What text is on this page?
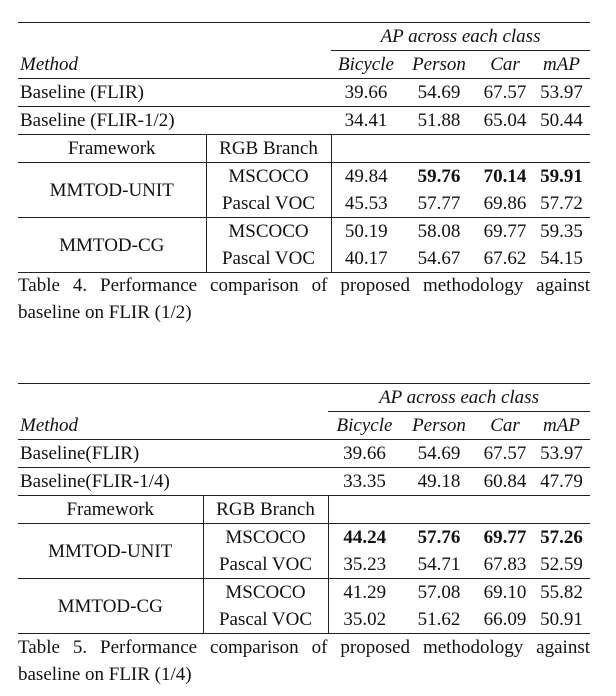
		AP across each class			
Method		Bicycle	Person	Car	mAP
Baseline (FLIR)		39.66	54.69	67.57	53.97
Baseline (FLIR-1/2)		34.41	51.88	65.04	50.44
Framework	RGB Branch				
MMTOD-UNIT	MSCOCO	49.84	59.76	70.14	59.91
	Pascal VOC	45.53	57.77	69.86	57.72
MMTOD-CG	MSCOCO	50.19	58.08	69.77	59.35
	Pascal VOC	40.17	54.67	67.62	54.15
Table 4. Performance comparison of proposed methodology against baseline on FLIR (1/2)
		AP across each class			
Method		Bicycle	Person	Car	mAP
Baseline(FLIR)		39.66	54.69	67.57	53.97
Baseline(FLIR-1/4)		33.35	49.18	60.84	47.79
Framework	RGB Branch				
MMTOD-UNIT	MSCOCO	44.24	57.76	69.77	57.26
	Pascal VOC	35.23	54.71	67.83	52.59
MMTOD-CG	MSCOCO	41.29	57.08	69.10	55.82
	Pascal VOC	35.02	51.62	66.09	50.91
Table 5. Performance comparison of proposed methodology against baseline on FLIR (1/4)
